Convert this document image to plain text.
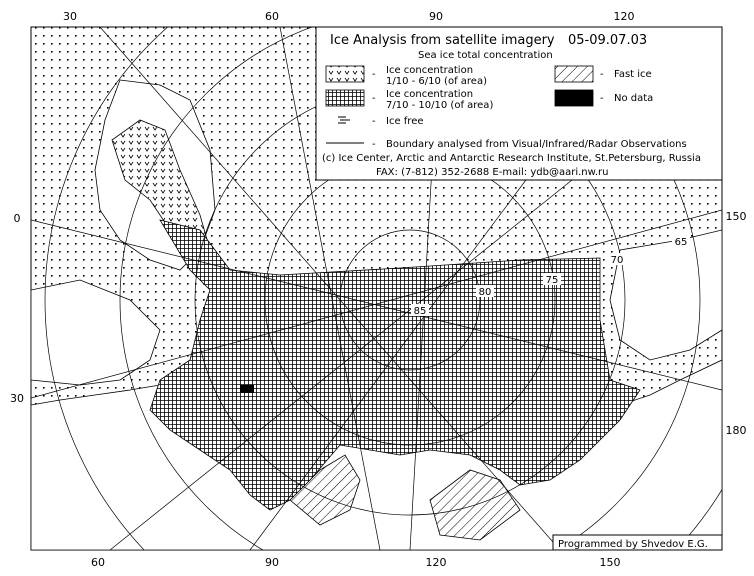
30	60	90	120
60	90	120	150
0
30
150
180
85
80
75
70
65
Ice Analysis from satellite imagery 05-09.07.03
Sea ice total concentration
- Ice concentration
1/10 - 6/10 (of area)
- Ice concentration
7/10 - 10/10 (of area)
- Ice free
- Fast ice
- No data
- Boundary analysed from Visual/Infrared/Radar Observations
(c) Ice Center, Arctic and Antarctic Research Institute, St.Petersburg, Russia
FAX: (7-812) 352-2688 E-mail: ydb@aari.nw.ru
Programmed by Shvedov E.G.
